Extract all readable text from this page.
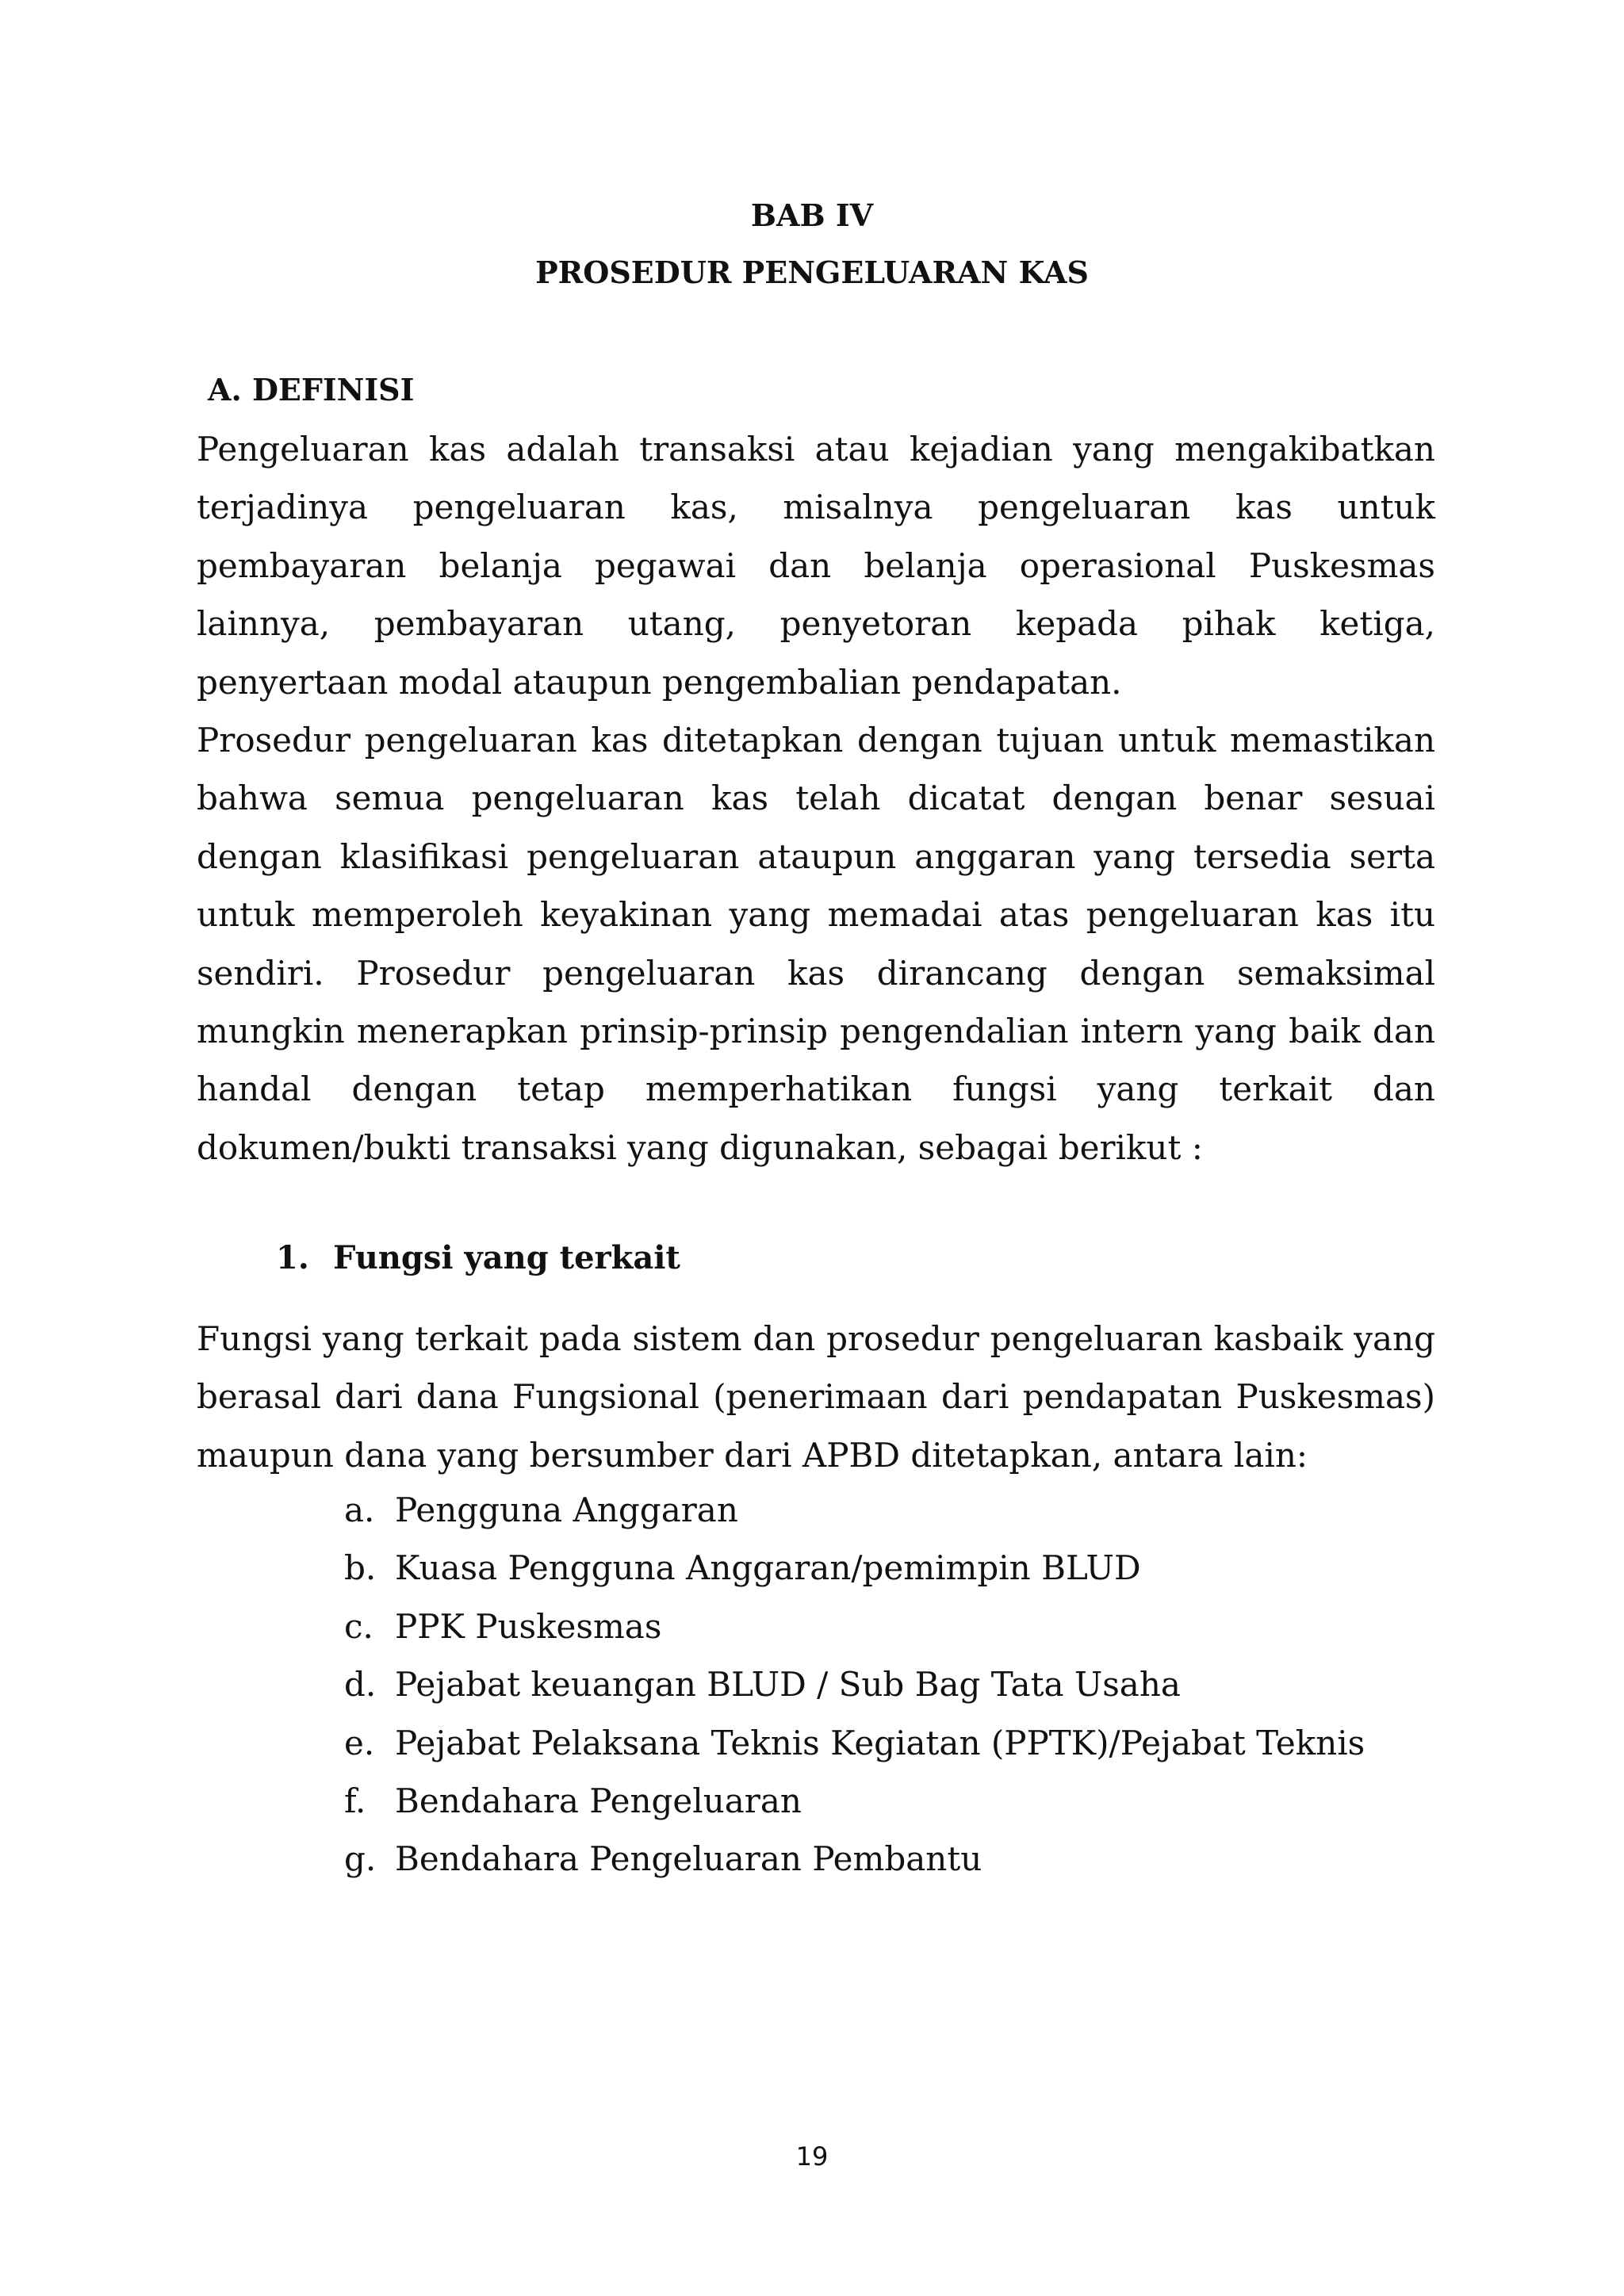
BAB IV
PROSEDUR PENGELUARAN KAS
A. DEFINISI

Pengeluaran kas adalah transaksi atau kejadian yang mengakibatkan terjadinya pengeluaran kas, misalnya pengeluaran kas untuk pembayaran belanja pegawai dan belanja operasional Puskesmas lainnya, pembayaran utang, penyetoran kepada pihak ketiga, penyertaan modal ataupun pengembalian pendapatan.

Prosedur pengeluaran kas ditetapkan dengan tujuan untuk memastikan bahwa semua pengeluaran kas telah dicatat dengan benar sesuai dengan klasifikasi pengeluaran ataupun anggaran yang tersedia serta untuk memperoleh keyakinan yang memadai atas pengeluaran kas itu sendiri. Prosedur pengeluaran kas dirancang dengan semaksimal mungkin menerapkan prinsip-prinsip pengendalian intern yang baik dan handal dengan tetap memperhatikan fungsi yang terkait dan dokumen/bukti transaksi yang digunakan, sebagai berikut :

1. Fungsi yang terkait

Fungsi yang terkait pada sistem dan prosedur pengeluaran kasbaik yang berasal dari dana Fungsional (penerimaan dari pendapatan Puskesmas) maupun dana yang bersumber dari APBD ditetapkan, antara lain:

a. Pengguna Anggaran
b. Kuasa Pengguna Anggaran/pemimpin BLUD
c. PPK Puskesmas
d. Pejabat keuangan BLUD / Sub Bag Tata Usaha
e. Pejabat Pelaksana Teknis Kegiatan (PPTK)/Pejabat Teknis
f. Bendahara Pengeluaran
g. Bendahara Pengeluaran Pembantu
19
